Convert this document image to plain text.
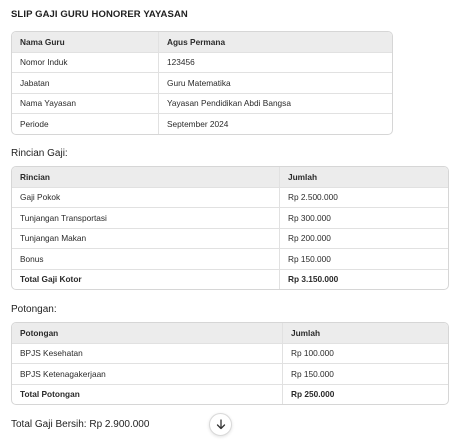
SLIP GAJI GURU HONORER YAYASAN
Nama Guru	Agus Permana
Nomor Induk	123456
Jabatan	Guru Matematika
Nama Yayasan	Yayasan Pendidikan Abdi Bangsa
Periode	September 2024
Rincian Gaji:
Rincian	Jumlah
Gaji Pokok	Rp 2.500.000
Tunjangan Transportasi	Rp 300.000
Tunjangan Makan	Rp 200.000
Bonus	Rp 150.000
Total Gaji Kotor	Rp 3.150.000
Potongan:
Potongan	Jumlah
BPJS Kesehatan	Rp 100.000
BPJS Ketenagakerjaan	Rp 150.000
Total Potongan	Rp 250.000
Total Gaji Bersih: Rp 2.900.000
